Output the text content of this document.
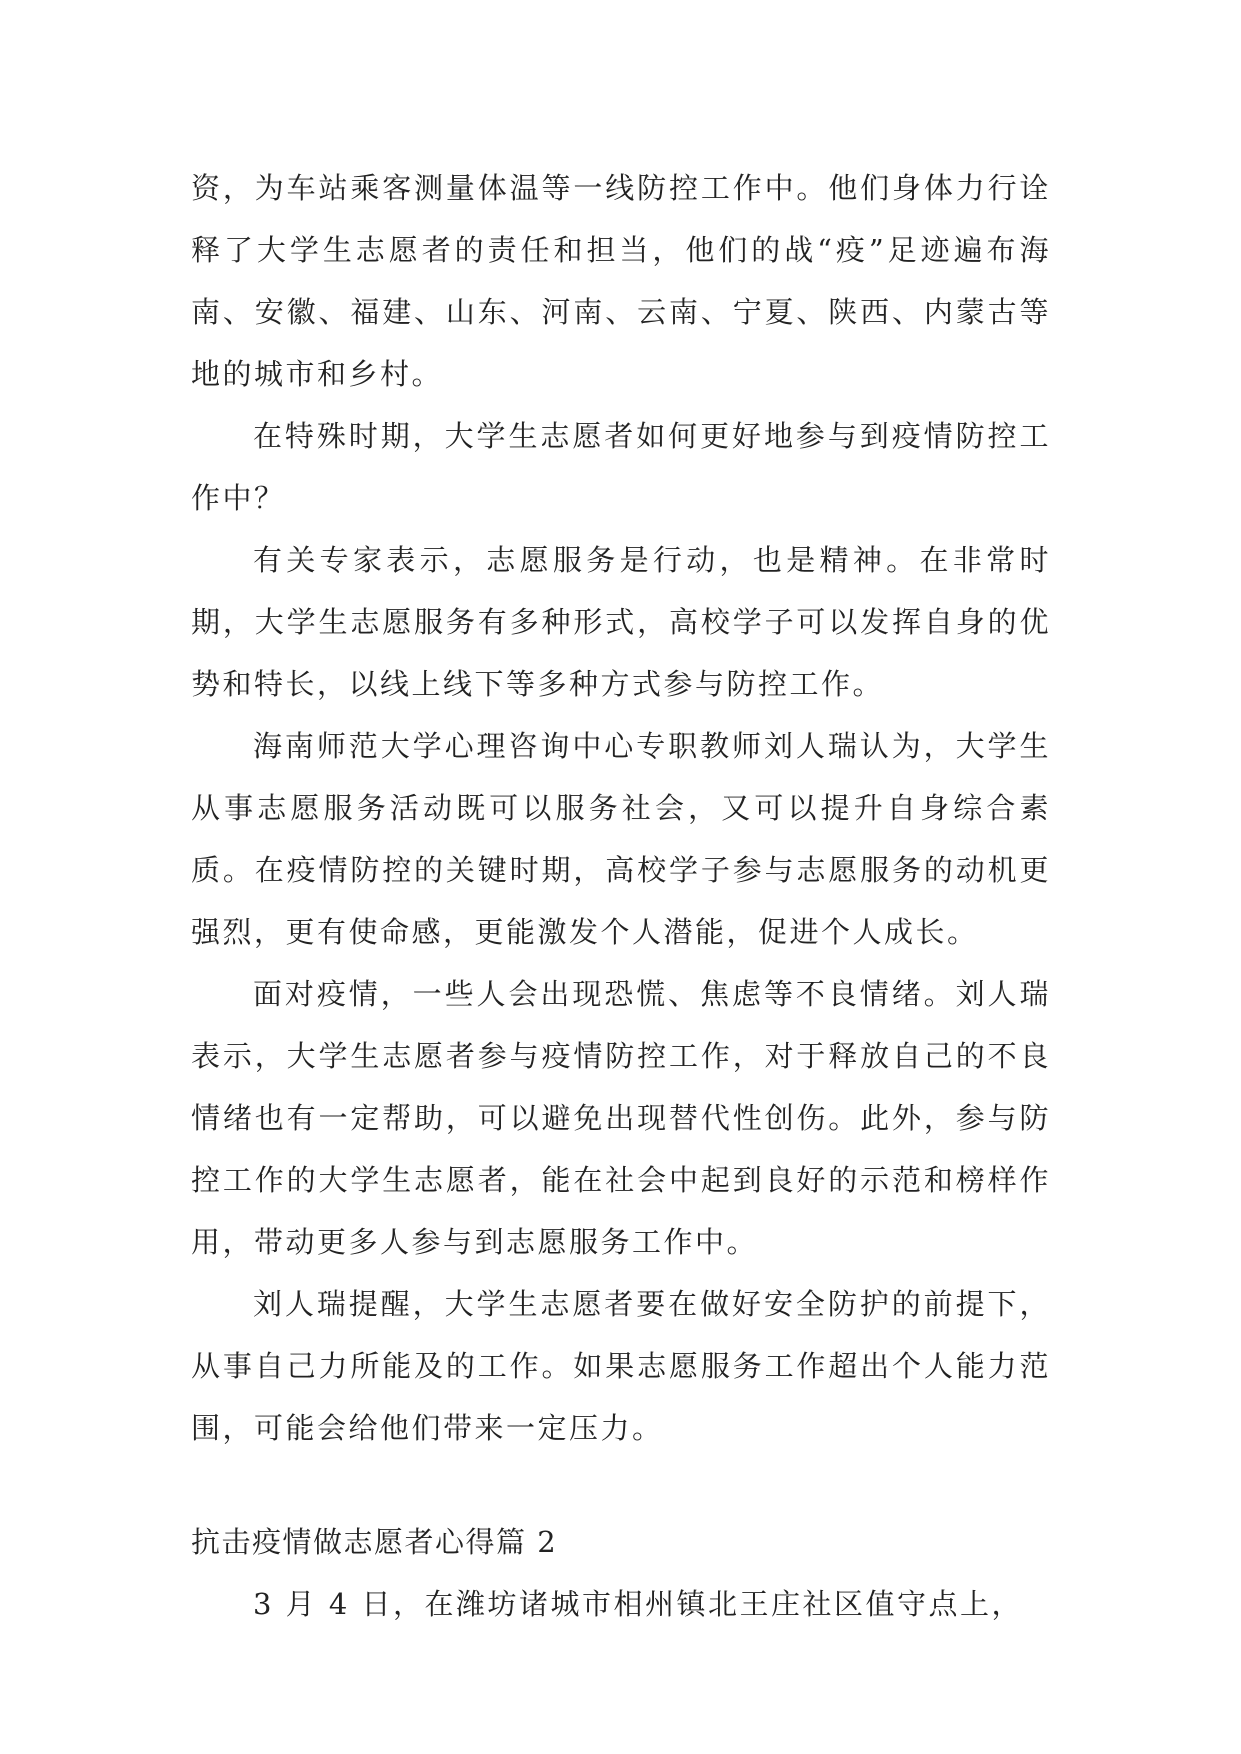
资，为车站乘客测量体温等一线防控工作中。他们身体力行诠释了大学生志愿者的责任和担当，他们的战“疫”足迹遍布海南、安徽、福建、山东、河南、云南、宁夏、陕西、内蒙古等地的城市和乡村。

在特殊时期，大学生志愿者如何更好地参与到疫情防控工作中？

有关专家表示，志愿服务是行动，也是精神。在非常时期，大学生志愿服务有多种形式，高校学子可以发挥自身的优势和特长，以线上线下等多种方式参与防控工作。

海南师范大学心理咨询中心专职教师刘人瑞认为，大学生从事志愿服务活动既可以服务社会，又可以提升自身综合素质。在疫情防控的关键时期，高校学子参与志愿服务的动机更强烈，更有使命感，更能激发个人潜能，促进个人成长。

面对疫情，一些人会出现恐慌、焦虑等不良情绪。刘人瑞表示，大学生志愿者参与疫情防控工作，对于释放自己的不良情绪也有一定帮助，可以避免出现替代性创伤。此外，参与防控工作的大学生志愿者，能在社会中起到良好的示范和榜样作用，带动更多人参与到志愿服务工作中。

刘人瑞提醒，大学生志愿者要在做好安全防护的前提下，从事自己力所能及的工作。如果志愿服务工作超出个人能力范围，可能会给他们带来一定压力。

抗击疫情做志愿者心得篇 2

3 月 4 日，在潍坊诸城市相州镇北王庄社区值守点上，
